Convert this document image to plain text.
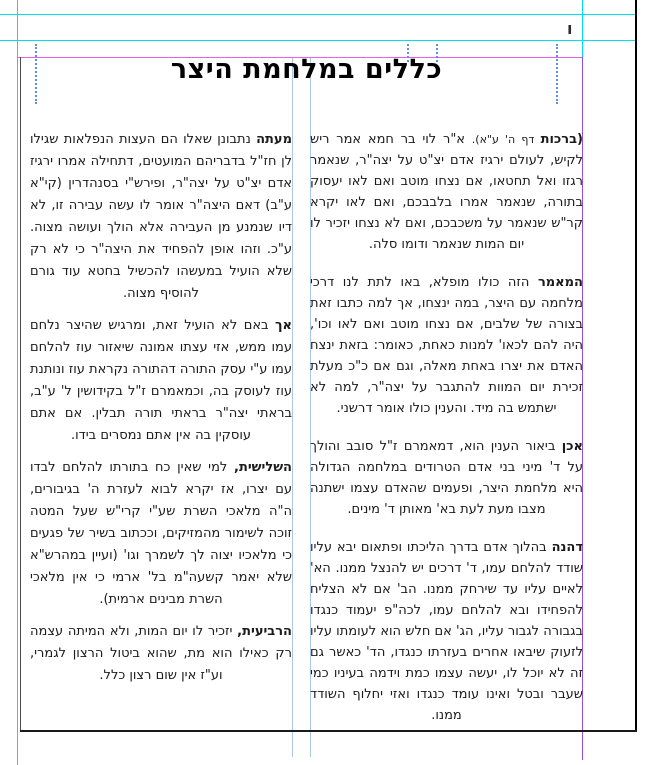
ו
כללים במלחמת היצר

(ברכות דף ה' ע"א). א"ר לוי בר חמא אמר ריש לקיש, לעולם ירגיז אדם יצ"ט על יצה"ר, שנאמר רגזו ואל תחטאו, אם נצחו מוטב ואם לאו יעסוק בתורה, שנאמר אמרו בלבבכם, ואם לאו יקרא קר"ש שנאמר על משכבכם, ואם לא נצחו יזכיר לו יום המות שנאמר ודומו סלה.

המאמר הזה כולו מופלא, באו לתת לנו דרכי מלחמה עם היצר, במה ינצחו, אך למה כתבו זאת בצורה של שלבים, אם נצחו מוטב ואם לאו וכו', היה להם לכאו' למנות כאחת, כאומר: בזאת ינצח האדם את יצרו באחת מאלה, וגם אם כ"כ מעלת זכירת יום המוות להתגבר על יצה"ר, למה לא ישתמש בה מיד. והענין כולו אומר דרשני.

אכן ביאור הענין הוא, דמאמרם ז"ל סובב והולך על ד' מיני בני אדם הטרודים במלחמה הגדולה היא מלחמת היצר, ופעמים שהאדם עצמו ישתנה מצבו מעת לעת בא' מאותן ד' מינים.

דהנה בהלוך אדם בדרך הליכתו ופתאום יבא עליו שודד להלחם עמו, ד' דרכים יש להנצל ממנו. הא' לאיים עליו עד שירחק ממנו. הב' אם לא הצליח להפחידו ובא להלחם עמו, לכה"פ יעמוד כנגדו בגבורה לגבור עליו, הג' אם חלש הוא לעומתו עליו לזעוק שיבאו אחרים בעזרתו כנגדו, הד' כאשר גם זה לא יוכל לו, יעשה עצמו כמת וידמה בעיניו כמי שעבר ובטל ואינו עומד כנגדו ואזי יחלוף השודד ממנו.

מעתה נתבונן שאלו הם העצות הנפלאות שגילו לן חז"ל בדבריהם המועטים, דתחילה אמרו ירגיז אדם יצ"ט על יצה"ר, ופירש"י בסנהדרין (קי"א ע"ב) דאם היצה"ר אומר לו עשה עבירה זו, לא דיו שנמנע מן העבירה אלא הולך ועושה מצוה. ע"כ. וזהו אופן להפחיד את היצה"ר כי לא רק שלא הועיל במעשהו להכשיל בחטא עוד גורם להוסיף מצוה.

אך באם לא הועיל זאת, ומרגיש שהיצר נלחם עמו ממש, אזי עצתו אמונה שיאזור עוז להלחם עמו ע"י עסק התורה דהתורה נקראת עוז ונותנת עוז לעוסק בה, וכמאמרם ז"ל בקידושין ל' ע"ב, בראתי יצה"ר בראתי תורה תבלין. אם אתם עוסקין בה אין אתם נמסרים בידו.

השלישית, למי שאין כח בתורתו להלחם לבדו עם יצרו, אז יקרא לבוא לעזרת ה' בגיבורים, ה"ה מלאכי השרת שע"י קרי"ש שעל המטה זוכה לשימור מהמזיקים, וככתוב בשיר של פגעים כי מלאכיו יצוה לך לשמרך וגו' (ועיין במהרש"א שלא יאמר קשעה"מ בל' ארמי כי אין מלאכי השרת מבינים ארמית).

הרביעית, יזכיר לו יום המות, ולא המיתה עצמה רק כאילו הוא מת, שהוא ביטול הרצון לגמרי, וע"ז אין שום רצון כלל.
